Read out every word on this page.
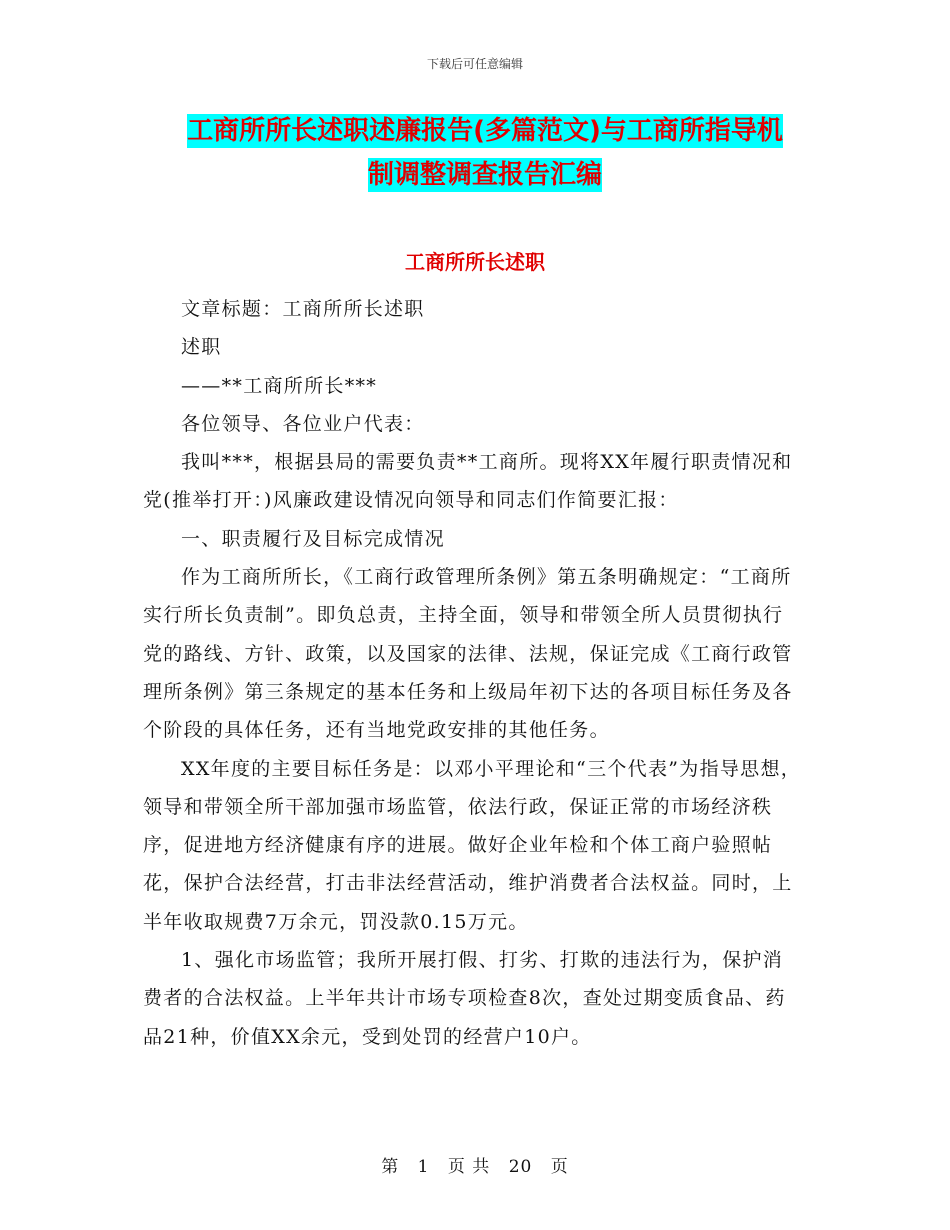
下载后可任意编辑
工商所所长述职述廉报告(多篇范文)与工商所指导机
制调整调查报告汇编
工商所所长述职

文章标题：工商所所长述职

述职

——**工商所所长***

各位领导、各位业户代表：

我叫***，根据县局的需要负责**工商所。现将XX年履行职责情况和党(推举打开：)风廉政建设情况向领导和同志们作简要汇报：

一、职责履行及目标完成情况

作为工商所所长，《工商行政管理所条例》第五条明确规定：“工商所实行所长负责制”。即负总责，主持全面，领导和带领全所人员贯彻执行党的路线、方针、政策，以及国家的法律、法规，保证完成《工商行政管理所条例》第三条规定的基本任务和上级局年初下达的各项目标任务及各个阶段的具体任务，还有当地党政安排的其他任务。

XX年度的主要目标任务是：以邓小平理论和“三个代表”为指导思想，领导和带领全所干部加强市场监管，依法行政，保证正常的市场经济秩序，促进地方经济健康有序的进展。做好企业年检和个体工商户验照帖花，保护合法经营，打击非法经营活动，维护消费者合法权益。同时，上半年收取规费7万余元，罚没款0.15万元。

1、强化市场监管；我所开展打假、打劣、打欺的违法行为，保护消费者的合法权益。上半年共计市场专项检查8次，查处过期变质食品、药品21种，价值XX余元，受到处罚的经营户10户。

第 1 页 共 20 页
